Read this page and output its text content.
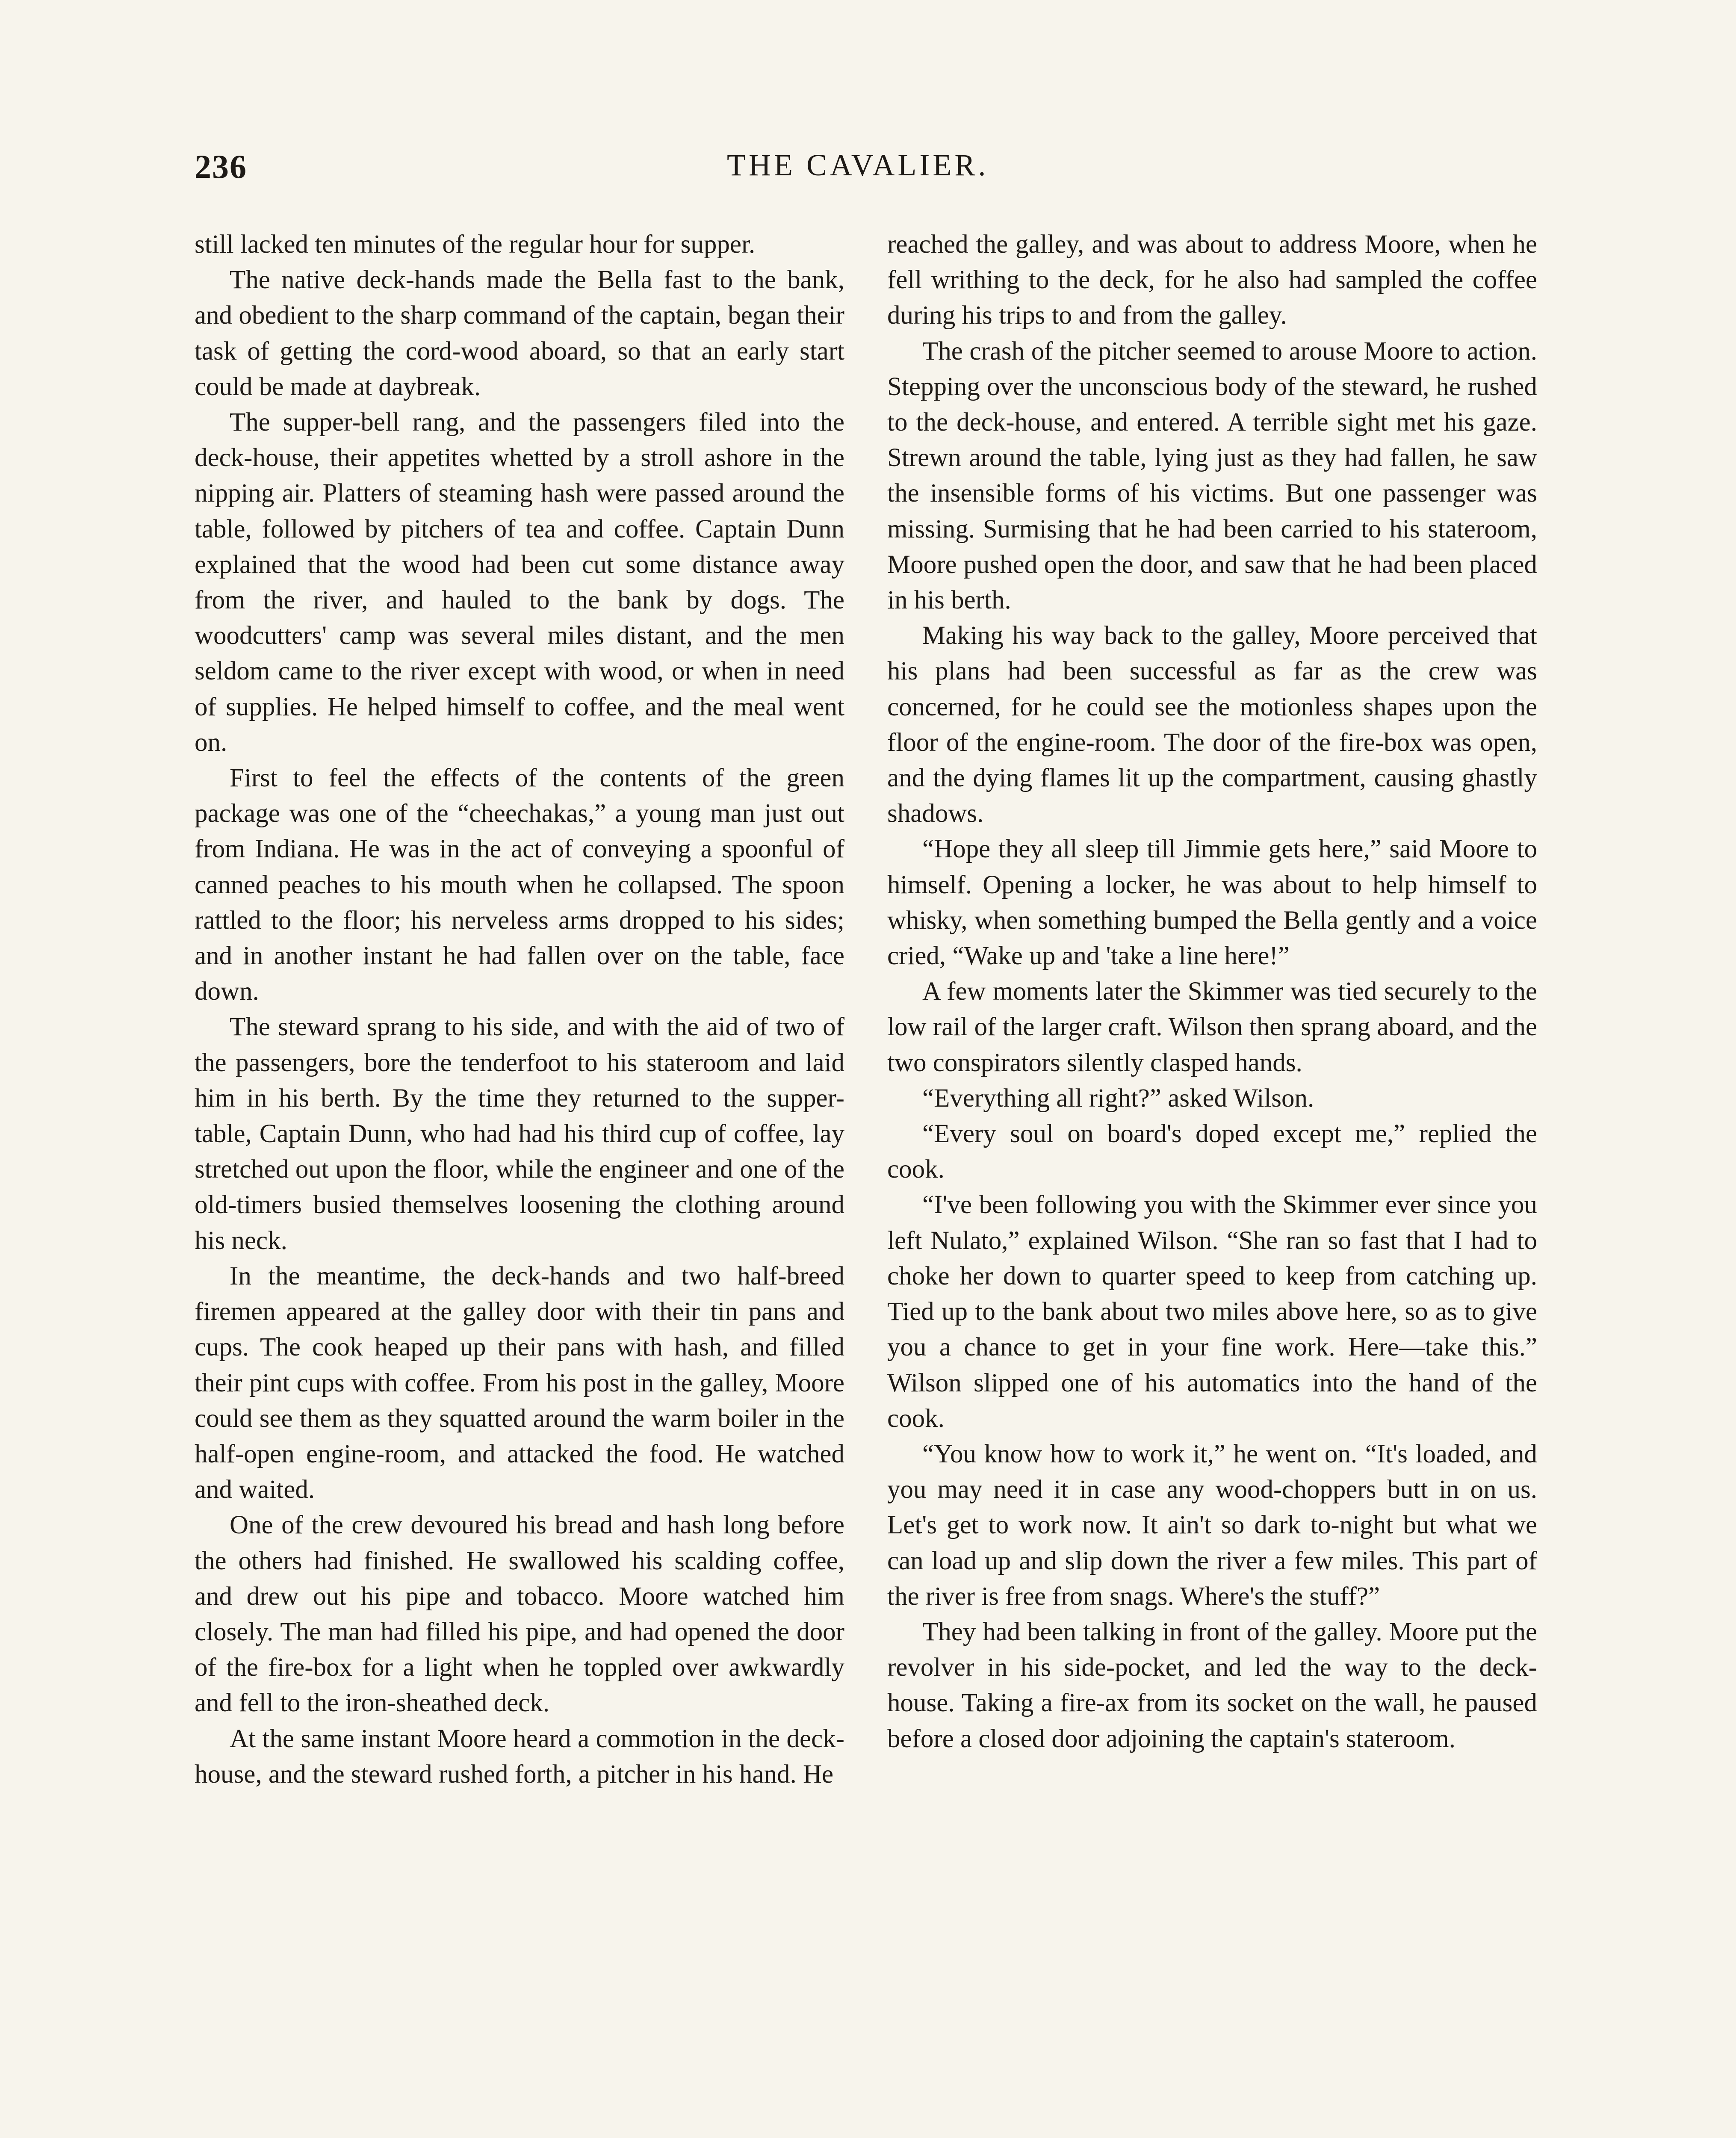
236	THE CAVALIER.

still lacked ten minutes of the regular hour for supper.

The native deck-hands made the Bella fast to the bank, and obedient to the sharp command of the captain, began their task of getting the cord-wood aboard, so that an early start could be made at daybreak.

The supper-bell rang, and the passengers filed into the deck-house, their appetites whetted by a stroll ashore in the nipping air. Platters of steaming hash were passed around the table, followed by pitchers of tea and coffee. Captain Dunn explained that the wood had been cut some distance away from the river, and hauled to the bank by dogs. The woodcutters' camp was several miles distant, and the men seldom came to the river except with wood, or when in need of supplies. He helped himself to coffee, and the meal went on.

First to feel the effects of the contents of the green package was one of the “cheechakas,” a young man just out from Indiana. He was in the act of conveying a spoonful of canned peaches to his mouth when he collapsed. The spoon rattled to the floor; his nerveless arms dropped to his sides; and in another instant he had fallen over on the table, face down.

The steward sprang to his side, and with the aid of two of the passengers, bore the tenderfoot to his stateroom and laid him in his berth. By the time they returned to the supper-table, Captain Dunn, who had had his third cup of coffee, lay stretched out upon the floor, while the engineer and one of the old-timers busied themselves loosening the clothing around his neck.

In the meantime, the deck-hands and two half-breed firemen appeared at the galley door with their tin pans and cups. The cook heaped up their pans with hash, and filled their pint cups with coffee. From his post in the galley, Moore could see them as they squatted around the warm boiler in the half-open engine-room, and attacked the food. He watched and waited.

One of the crew devoured his bread and hash long before the others had finished. He swallowed his scalding coffee, and drew out his pipe and tobacco. Moore watched him closely. The man had filled his pipe, and had opened the door of the fire-box for a light when he toppled over awkwardly and fell to the iron-sheathed deck.

At the same instant Moore heard a commotion in the deck-house, and the steward rushed forth, a pitcher in his hand. He

reached the galley, and was about to address Moore, when he fell writhing to the deck, for he also had sampled the coffee during his trips to and from the galley.

The crash of the pitcher seemed to arouse Moore to action. Stepping over the unconscious body of the steward, he rushed to the deck-house, and entered. A terrible sight met his gaze. Strewn around the table, lying just as they had fallen, he saw the insensible forms of his victims. But one passenger was missing. Surmising that he had been carried to his stateroom, Moore pushed open the door, and saw that he had been placed in his berth.

Making his way back to the galley, Moore perceived that his plans had been successful as far as the crew was concerned, for he could see the motionless shapes upon the floor of the engine-room. The door of the fire-box was open, and the dying flames lit up the compartment, causing ghastly shadows.

“Hope they all sleep till Jimmie gets here,” said Moore to himself. Opening a locker, he was about to help himself to whisky, when something bumped the Bella gently and a voice cried, “Wake up and 'take a line here!”

A few moments later the Skimmer was tied securely to the low rail of the larger craft. Wilson then sprang aboard, and the two conspirators silently clasped hands.

“Everything all right?” asked Wilson.

“Every soul on board's doped except me,” replied the cook.

“I've been following you with the Skimmer ever since you left Nulato,” explained Wilson. “She ran so fast that I had to choke her down to quarter speed to keep from catching up. Tied up to the bank about two miles above here, so as to give you a chance to get in your fine work. Here—take this.” Wilson slipped one of his automatics into the hand of the cook.

“You know how to work it,” he went on. “It's loaded, and you may need it in case any wood-choppers butt in on us. Let's get to work now. It ain't so dark to-night but what we can load up and slip down the river a few miles. This part of the river is free from snags. Where's the stuff?”

They had been talking in front of the galley. Moore put the revolver in his side-pocket, and led the way to the deck-house. Taking a fire-ax from its socket on the wall, he paused before a closed door adjoining the captain's stateroom.
